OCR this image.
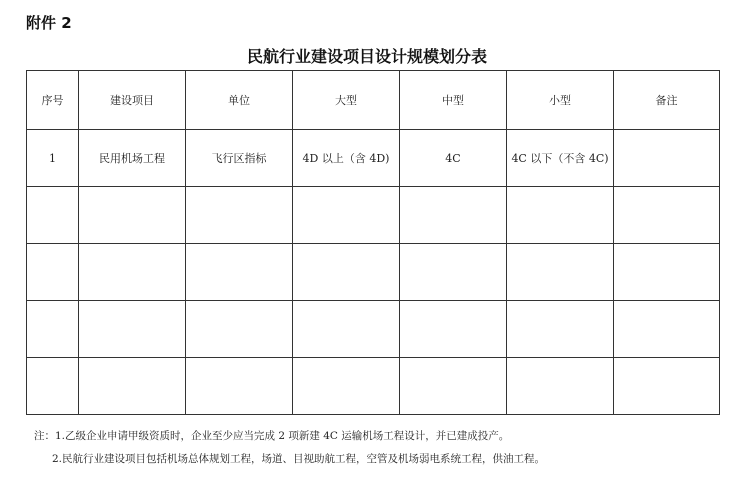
附件 2
民航行业建设项目设计规模划分表
序号	建设项目	单位	大型	中型	小型	备注
1	民用机场工程	飞行区指标	4D 以上（含 4D)	4C	4C 以下（不含 4C)	

注：1.乙级企业申请甲级资质时，企业至少应当完成 2 项新建 4C 运输机场工程设计，并已建成投产。
2.民航行业建设项目包括机场总体规划工程，场道、目视助航工程，空管及机场弱电系统工程，供油工程。
